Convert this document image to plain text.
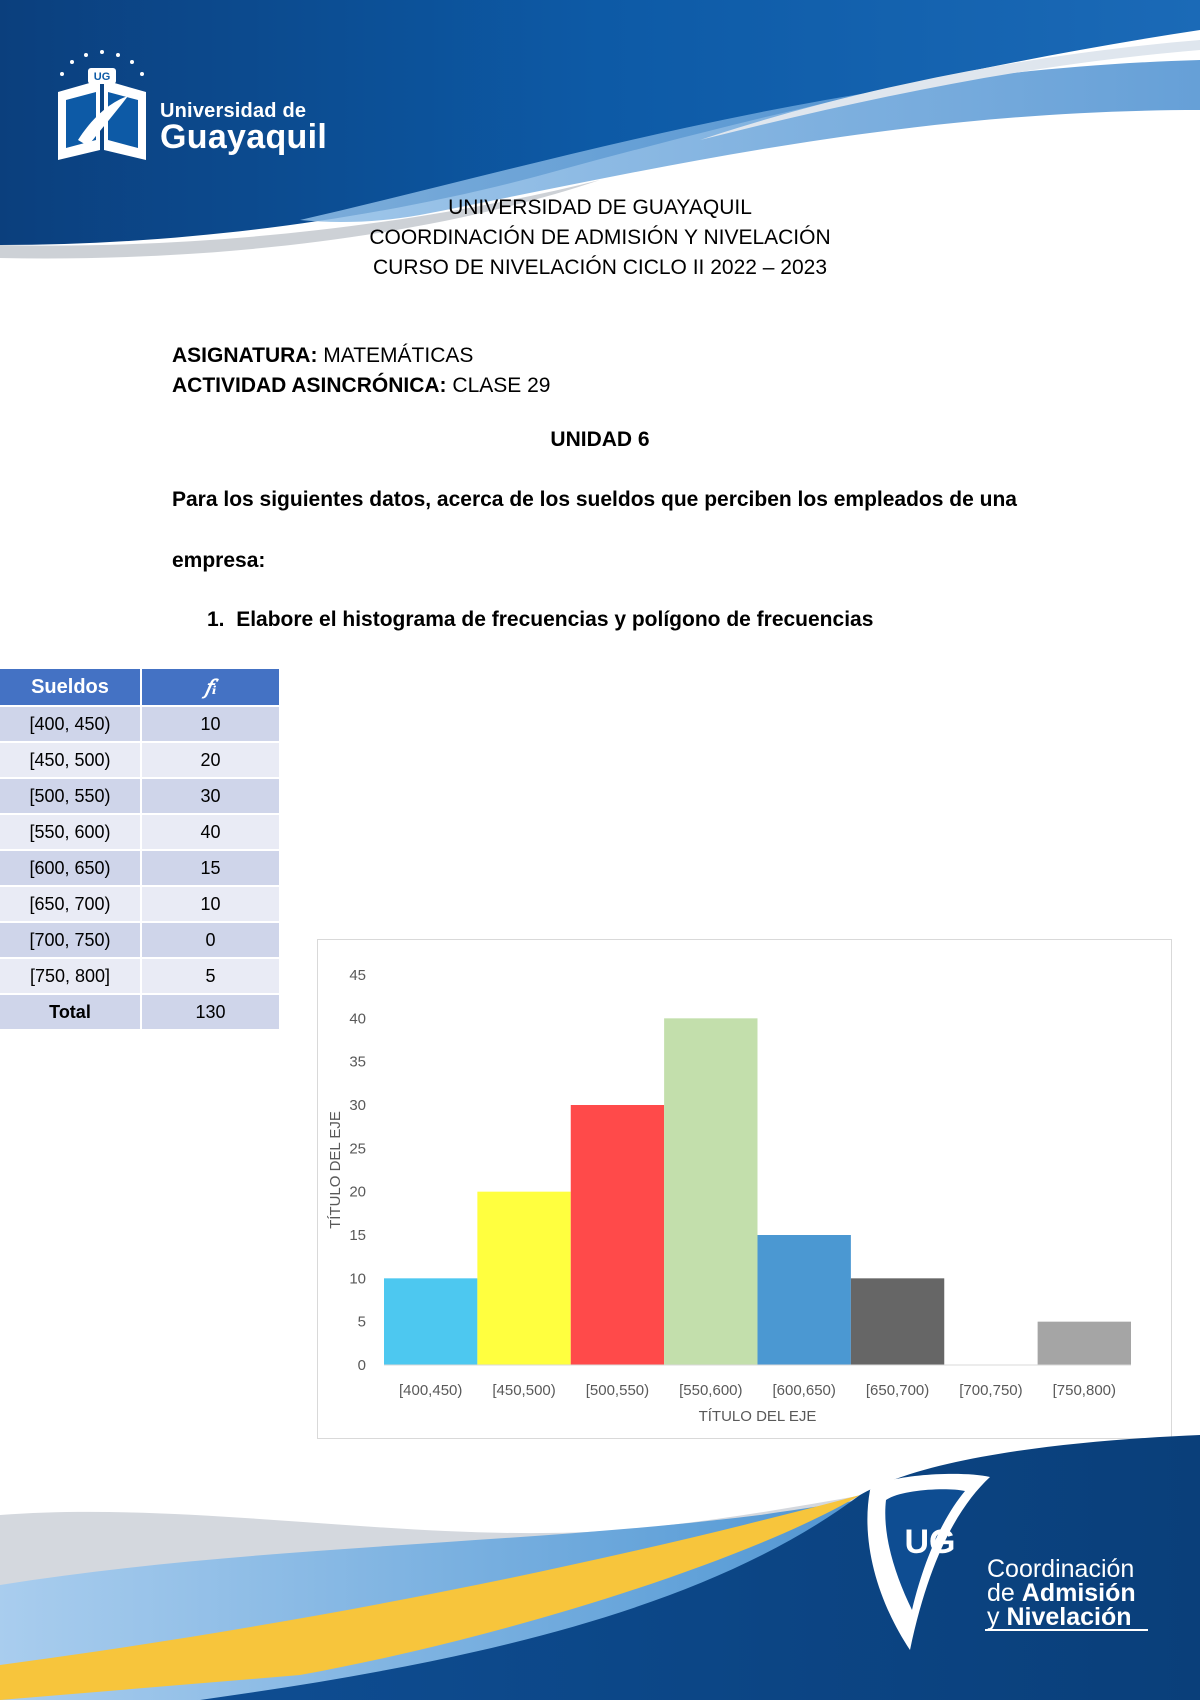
UG
Universidad de
Guayaquil
UNIVERSIDAD DE GUAYAQUIL
COORDINACIÓN DE ADMISIÓN Y NIVELACIÓN
CURSO DE NIVELACIÓN CICLO II 2022 – 2023
ASIGNATURA: MATEMÁTICAS
ACTIVIDAD ASINCRÓNICA: CLASE 29
UNIDAD 6
Para los siguientes datos, acerca de los sueldos que perciben los empleados de una
empresa:
1. Elabore el histograma de frecuencias y polígono de frecuencias
Sueldos	𝑓ᵢ
[400, 450)	10
[450, 500)	20
[500, 550)	30
[550, 600)	40
[600, 650)	15
[650, 700)	10
[700, 750)	0
[750, 800]	5
Total	130
0
5
10
15
20
25
30
35
40
45
[400,450) [450,500) [500,550) [550,600) [600,650) [650,700) [700,750) [750,800)
TÍTULO DEL EJE
TÍTULO DEL EJE
UG
Coordinación
de Admisión
y Nivelación
